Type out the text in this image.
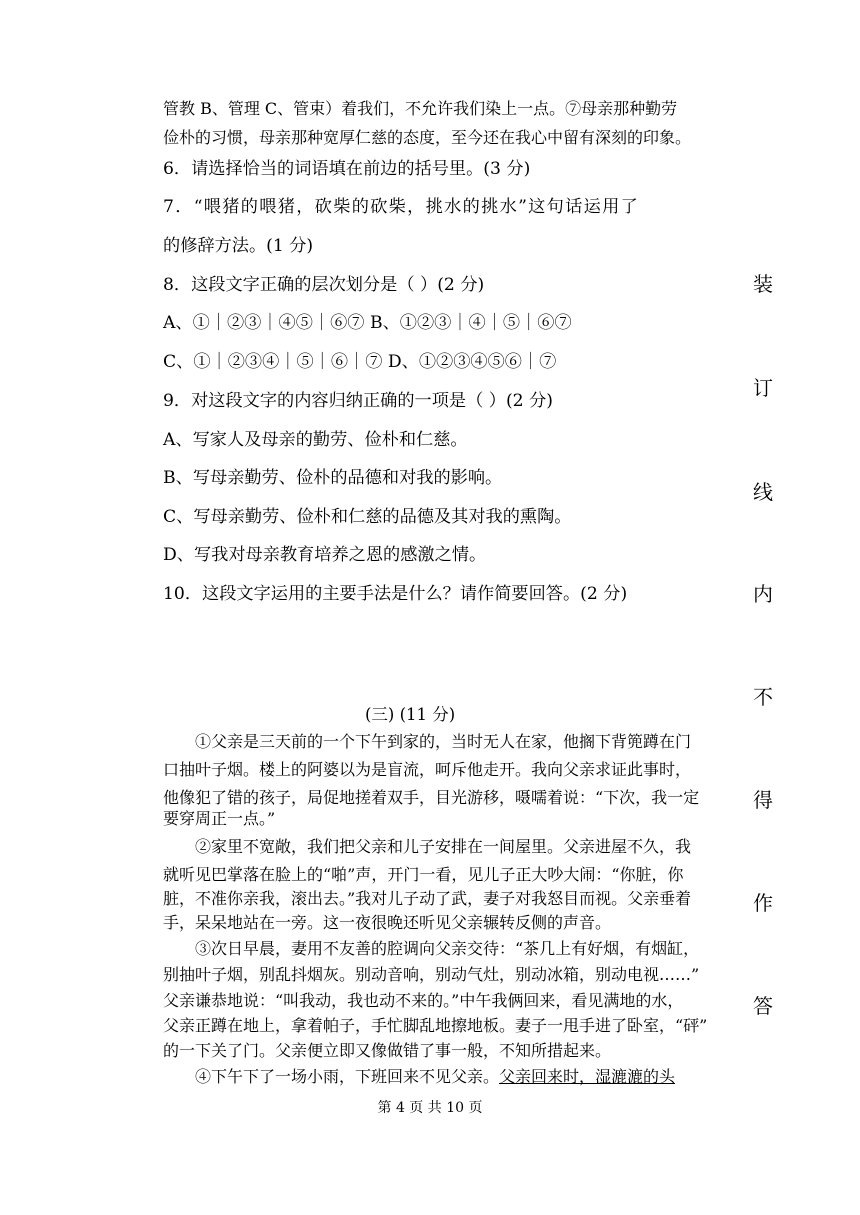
管教 B、管理 C、管束）着我们，不允许我们染上一点。⑦母亲那种勤劳
俭朴的习惯，母亲那种宽厚仁慈的态度，至今还在我心中留有深刻的印象。
6．请选择恰当的词语填在前边的括号里。(3 分)
7．“喂猪的喂猪，砍柴的砍柴，挑水的挑水”这句话运用了
的修辞方法。(1 分)
8．这段文字正确的层次划分是（ ）(2 分)
A、①｜②③｜④⑤｜⑥⑦ B、①②③｜④｜⑤｜⑥⑦
C、①｜②③④｜⑤｜⑥｜⑦ D、①②③④⑤⑥｜⑦
9．对这段文字的内容归纳正确的一项是（ ）(2 分)
A、写家人及母亲的勤劳、俭朴和仁慈。
B、写母亲勤劳、俭朴的品德和对我的影响。
C、写母亲勤劳、俭朴和仁慈的品德及其对我的熏陶。
D、写我对母亲教育培养之恩的感激之情。
10．这段文字运用的主要手法是什么？请作简要回答。(2 分)
(三) (11 分)
①父亲是三天前的一个下午到家的，当时无人在家，他搁下背篼蹲在门
口抽叶子烟。楼上的阿婆以为是盲流，呵斥他走开。我向父亲求证此事时，
他像犯了错的孩子，局促地搓着双手，目光游移，嗫嚅着说：“下次，我一定
要穿周正一点。”
②家里不宽敞，我们把父亲和儿子安排在一间屋里。父亲进屋不久，我
就听见巴掌落在脸上的“啪”声，开门一看，见儿子正大吵大闹：“你脏，你
脏，不准你亲我，滚出去。”我对儿子动了武，妻子对我怒目而视。父亲垂着
手，呆呆地站在一旁。这一夜很晚还听见父亲辗转反侧的声音。
③次日早晨，妻用不友善的腔调向父亲交待：“茶几上有好烟，有烟缸，
别抽叶子烟，别乱抖烟灰。别动音响，别动气灶，别动冰箱，别动电视……”
父亲谦恭地说：“叫我动，我也动不来的。”中午我俩回来，看见满地的水，
父亲正蹲在地上，拿着帕子，手忙脚乱地擦地板。妻子一甩手进了卧室，“砰”
的一下关了门。父亲便立即又像做错了事一般，不知所措起来。
④下午下了一场小雨，下班回来不见父亲。父亲回来时，湿漉漉的头
装
订
线
内
不
得
作
答
第 4 页 共 10 页
